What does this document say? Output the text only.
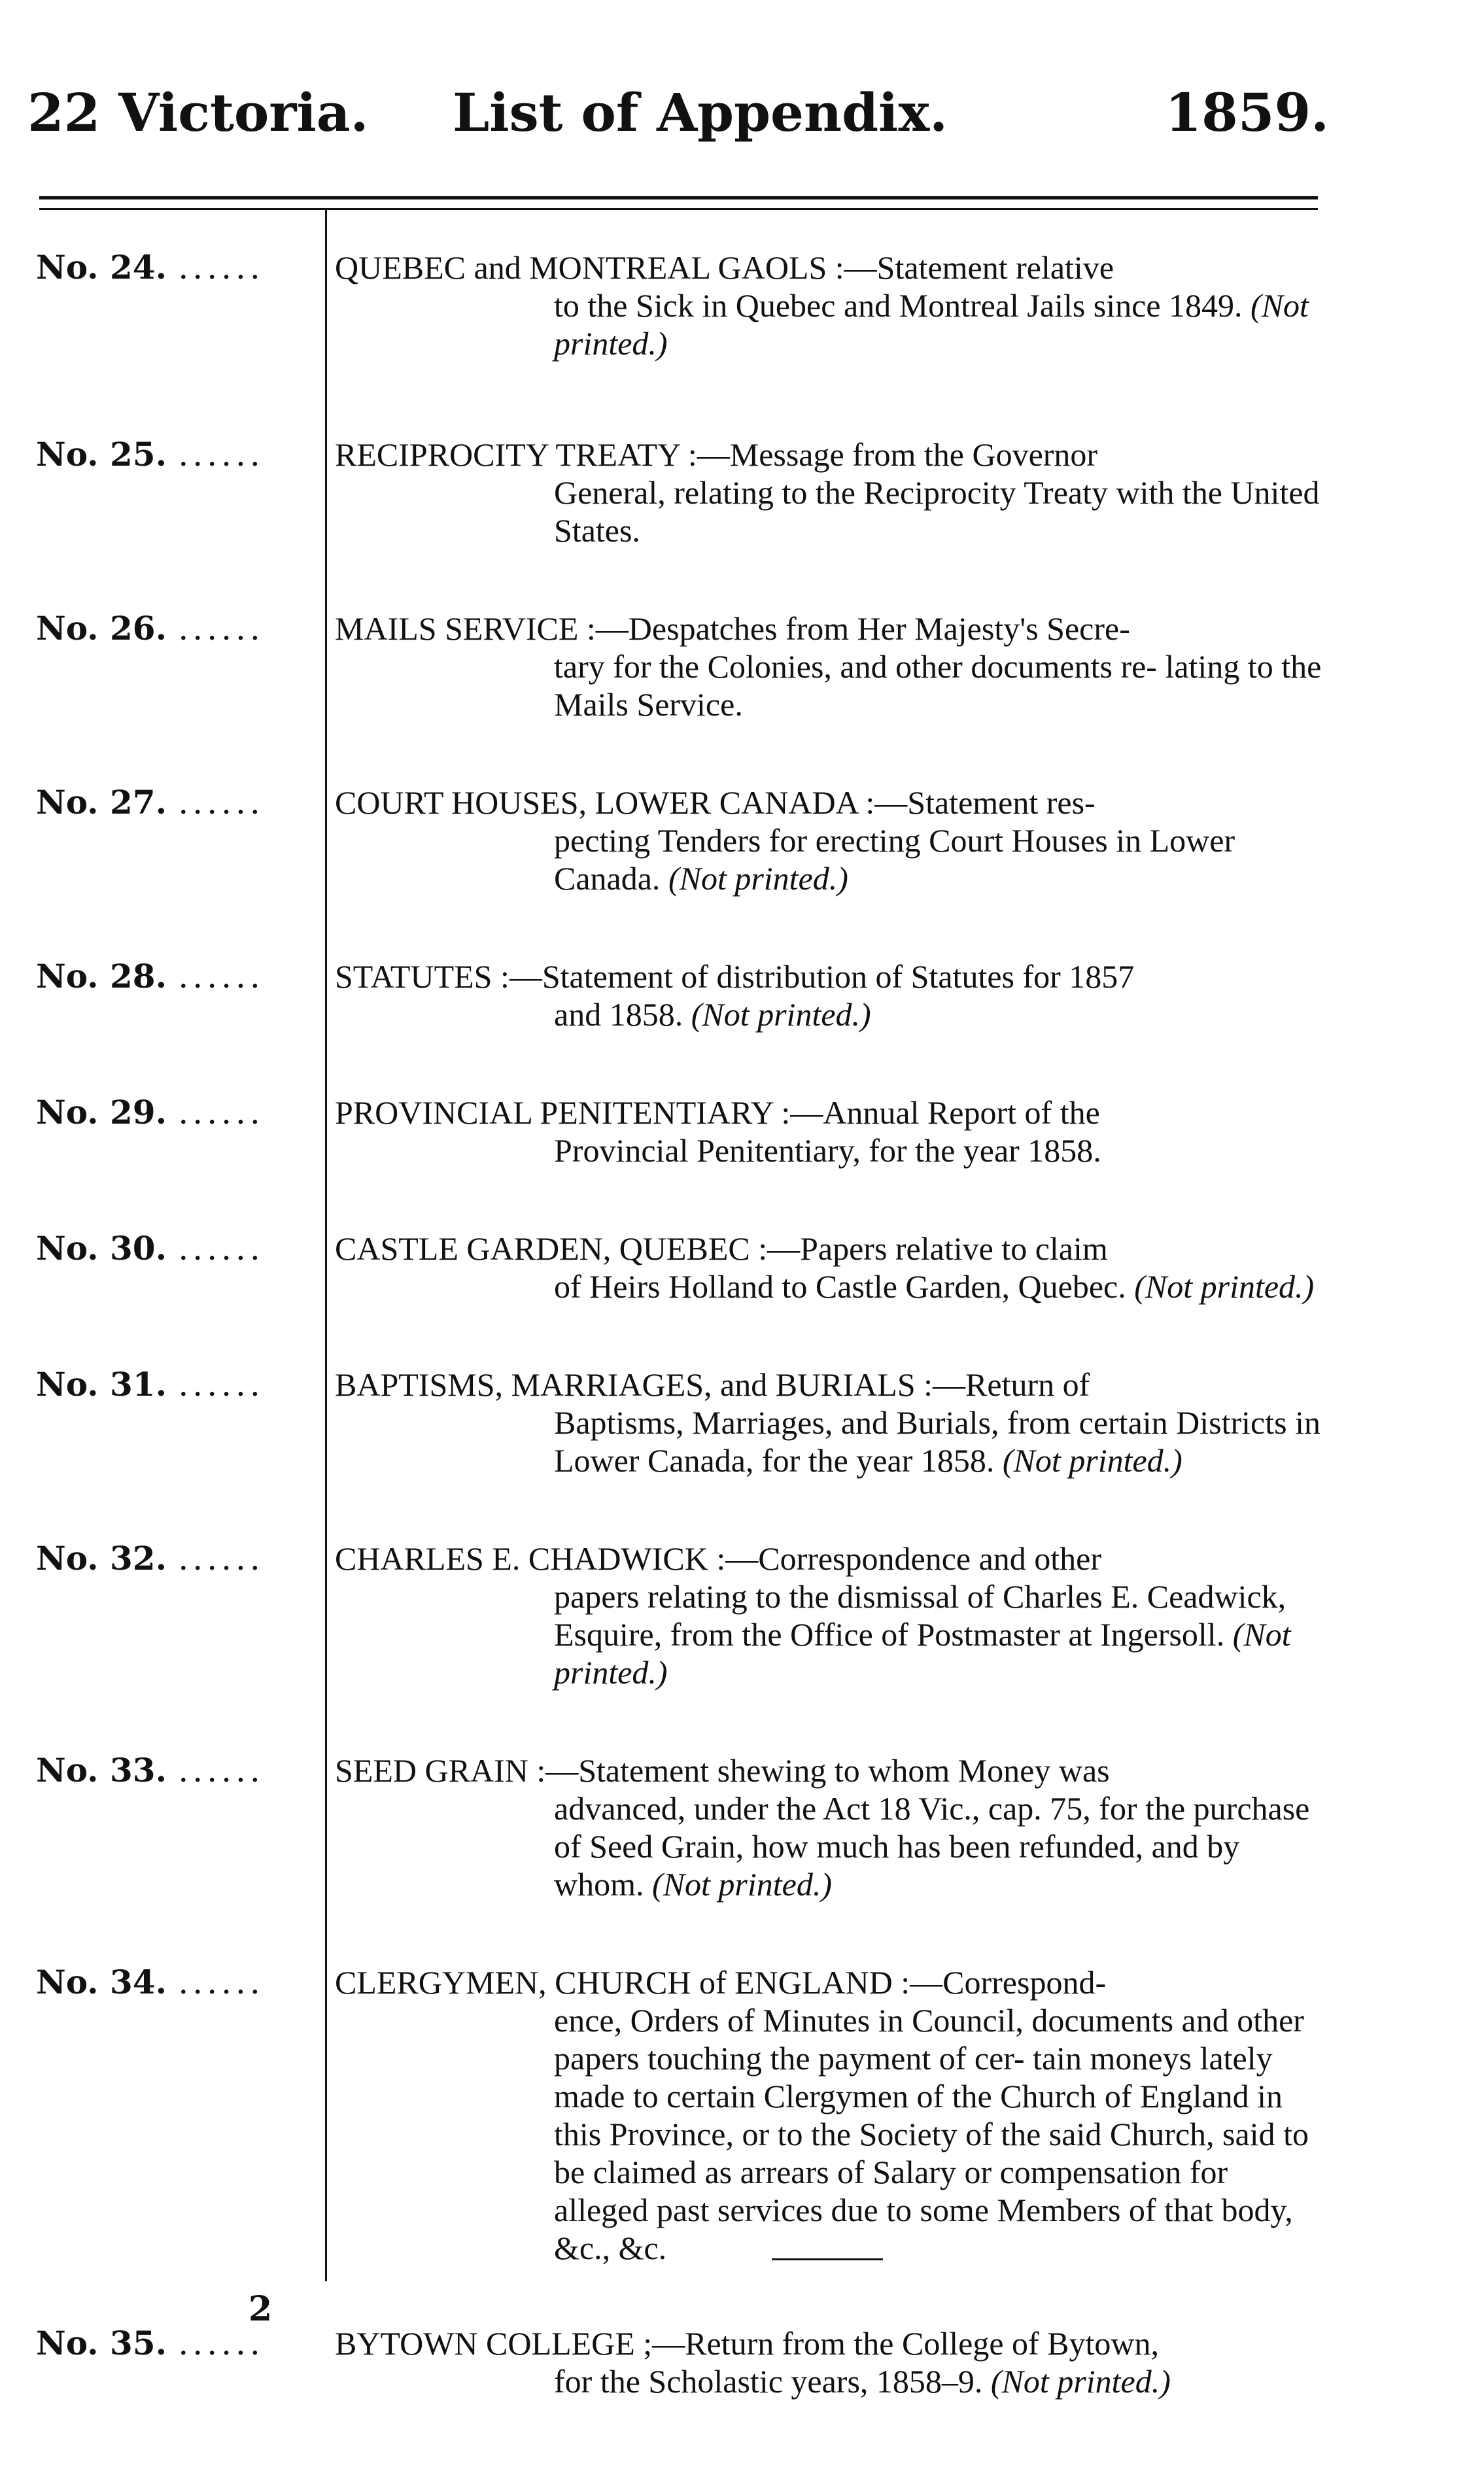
22 Victoria. List of Appendix.	1859.
No. 24. ......	QUEBEC and MONTREAL GAOLS :—Statement relative
to the Sick in Quebec and Montreal Jails since 1849. (Not printed.)
No. 25. ......	RECIPROCITY TREATY :—Message from the Governor
General, relating to the Reciprocity Treaty with the United States.
No. 26. ......	MAILS SERVICE :—Despatches from Her Majesty's Secre-
tary for the Colonies, and other documents re- lating to the Mails Service.
No. 27. ......	COURT HOUSES, LOWER CANADA :—Statement res-
pecting Tenders for erecting Court Houses in Lower Canada. (Not printed.)
No. 28. ......	STATUTES :—Statement of distribution of Statutes for 1857
and 1858. (Not printed.)
No. 29. ......	PROVINCIAL PENITENTIARY :—Annual Report of the
Provincial Penitentiary, for the year 1858.
No. 30. ......	CASTLE GARDEN, QUEBEC :—Papers relative to claim
of Heirs Holland to Castle Garden, Quebec. (Not printed.)
No. 31. ......	BAPTISMS, MARRIAGES, and BURIALS :—Return of
Baptisms, Marriages, and Burials, from certain Districts in Lower Canada, for the year 1858. (Not printed.)
No. 32. ......	CHARLES E. CHADWICK :—Correspondence and other
papers relating to the dismissal of Charles E. Ceadwick, Esquire, from the Office of Postmaster at Ingersoll. (Not printed.)
No. 33. ......	SEED GRAIN :—Statement shewing to whom Money was
advanced, under the Act 18 Vic., cap. 75, for the purchase of Seed Grain, how much has been refunded, and by whom. (Not printed.)
No. 34. ......	CLERGYMEN, CHURCH of ENGLAND :—Correspond-
ence, Orders of Minutes in Council, documents and other papers touching the payment of cer- tain moneys lately made to certain Clergymen of the Church of England in this Province, or to the Society of the said Church, said to be claimed as arrears of Salary or compensation for alleged past services due to some Members of that body, &c., &c.
No. 35. ......	BYTOWN COLLEGE ;—Return from the College of Bytown,
for the Scholastic years, 1858–9. (Not printed.)
2
